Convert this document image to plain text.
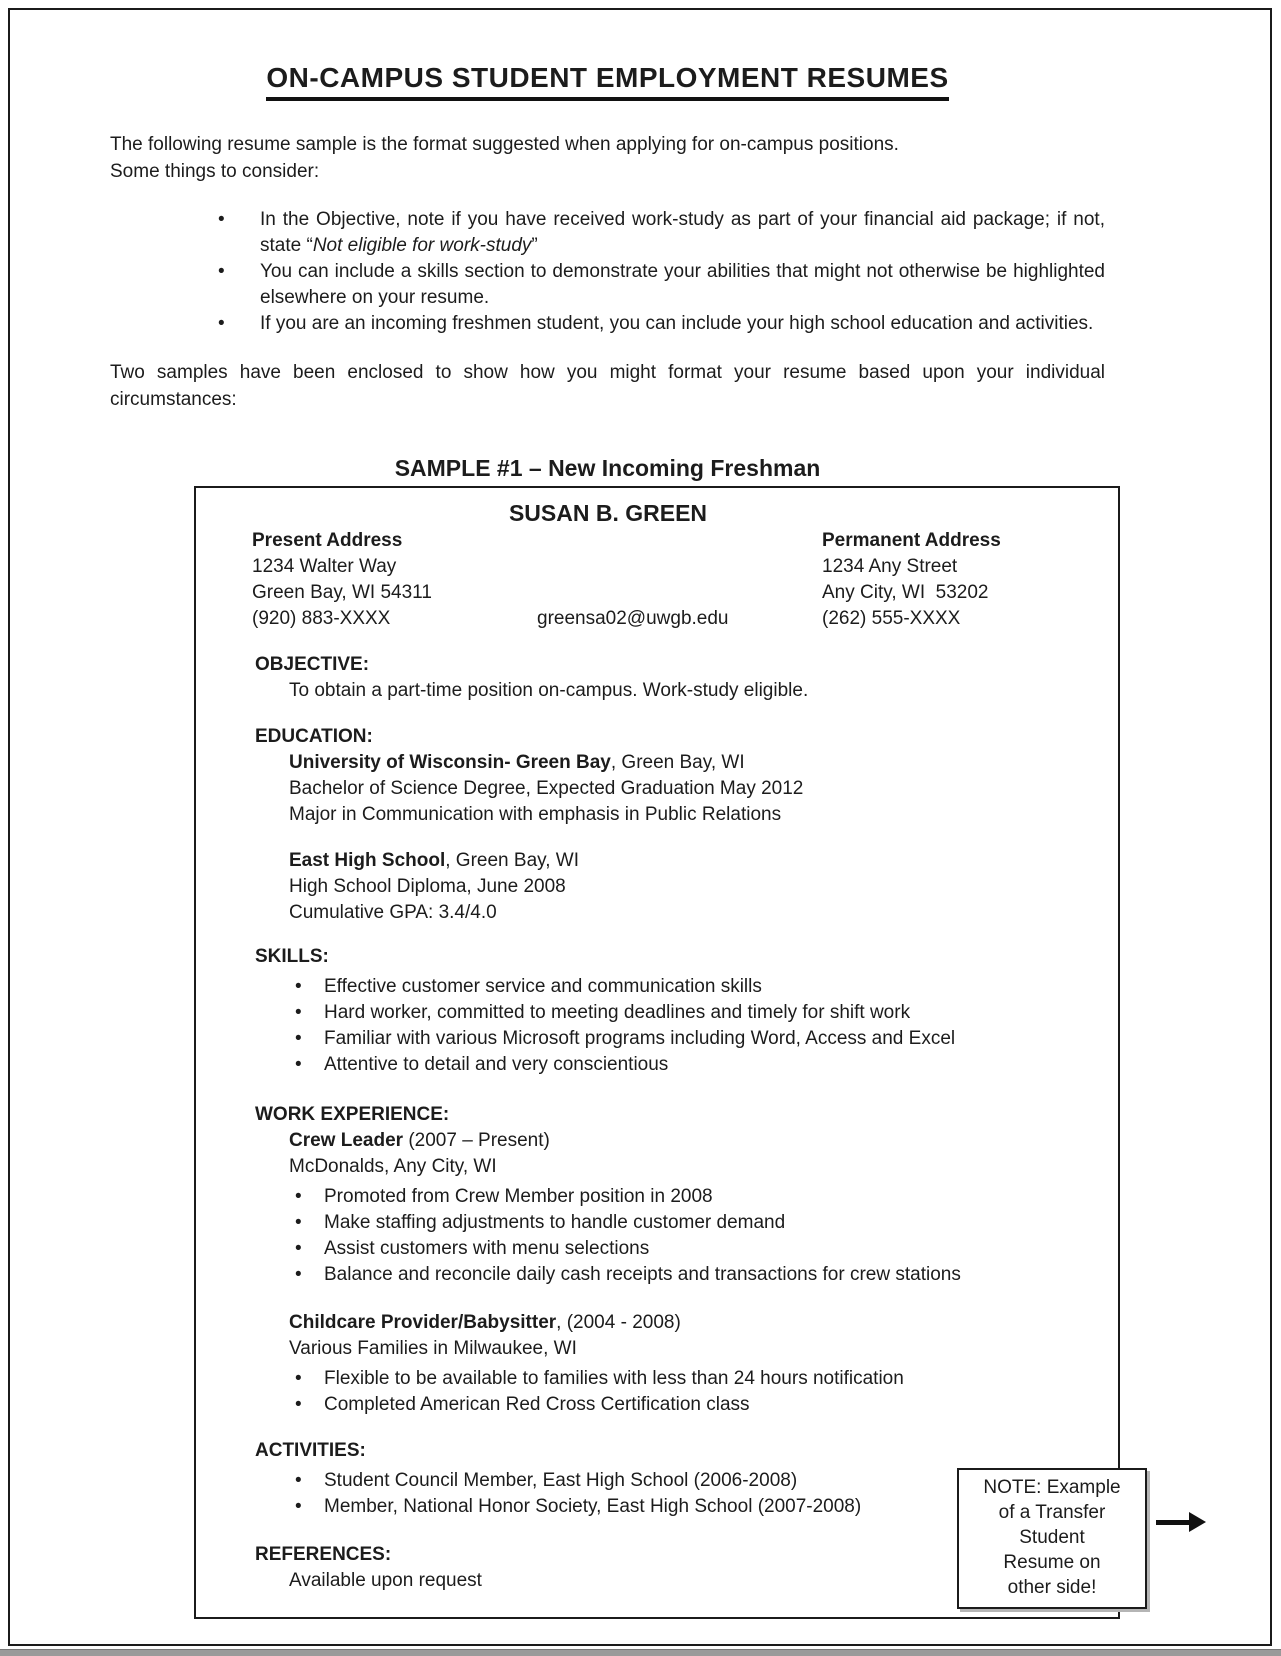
ON-CAMPUS STUDENT EMPLOYMENT RESUMES
The following resume sample is the format suggested when applying for on-campus positions.
Some things to consider:
• In the Objective, note if you have received work-study as part of your financial aid package; if not, state “Not eligible for work-study”
• You can include a skills section to demonstrate your abilities that might not otherwise be highlighted elsewhere on your resume.
• If you are an incoming freshmen student, you can include your high school education and activities.
Two samples have been enclosed to show how you might format your resume based upon your individual circumstances:
SAMPLE #1 – New Incoming Freshman
SUSAN B. GREEN
Present Address	Permanent Address
1234 Walter Way	1234 Any Street
Green Bay, WI 54311	Any City, WI  53202
(920) 883-XXXX	greensa02@uwgb.edu	(262) 555-XXXX
OBJECTIVE:
To obtain a part-time position on-campus. Work-study eligible.
EDUCATION:
University of Wisconsin- Green Bay, Green Bay, WI
Bachelor of Science Degree, Expected Graduation May 2012
Major in Communication with emphasis in Public Relations
East High School, Green Bay, WI
High School Diploma, June 2008
Cumulative GPA: 3.4/4.0
SKILLS:
• Effective customer service and communication skills
• Hard worker, committed to meeting deadlines and timely for shift work
• Familiar with various Microsoft programs including Word, Access and Excel
• Attentive to detail and very conscientious
WORK EXPERIENCE:
Crew Leader (2007 – Present)
McDonalds, Any City, WI
• Promoted from Crew Member position in 2008
• Make staffing adjustments to handle customer demand
• Assist customers with menu selections
• Balance and reconcile daily cash receipts and transactions for crew stations
Childcare Provider/Babysitter, (2004 - 2008)
Various Families in Milwaukee, WI
• Flexible to be available to families with less than 24 hours notification
• Completed American Red Cross Certification class
ACTIVITIES:
• Student Council Member, East High School (2006-2008)
• Member, National Honor Society, East High School (2007-2008)
REFERENCES:
Available upon request
NOTE: Example of a Transfer Student Resume on other side!
